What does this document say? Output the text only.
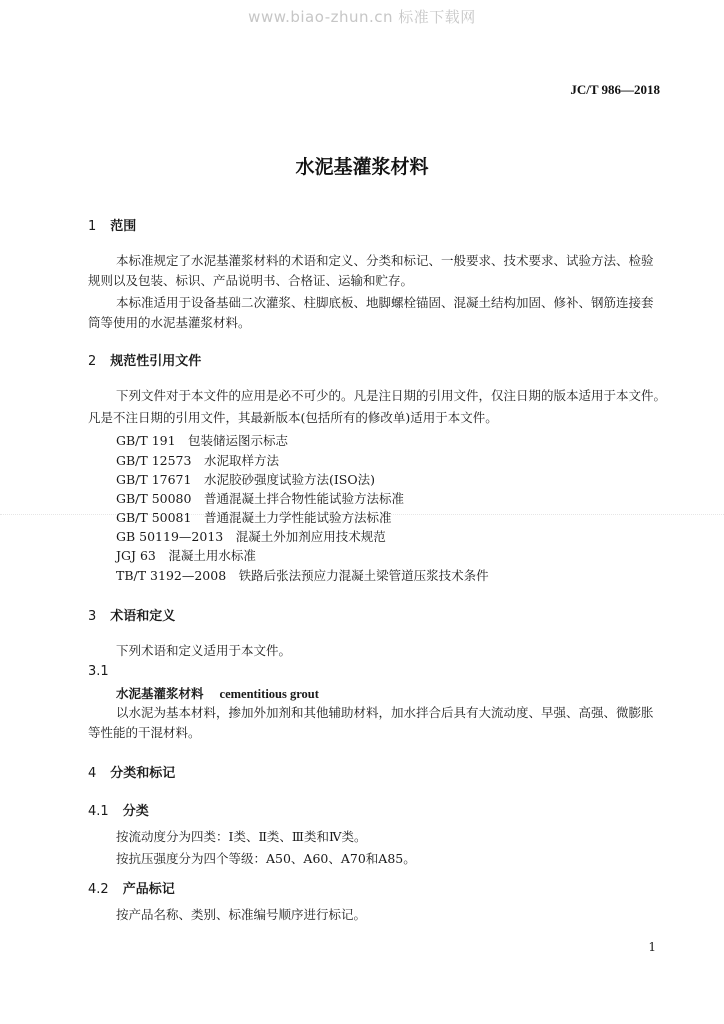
www.biao-zhun.cn 标准下载网
JC/T 986—2018
水泥基灌浆材料
1 范围
本标准规定了水泥基灌浆材料的术语和定义、分类和标记、一般要求、技术要求、试验方法、检验
规则以及包装、标识、产品说明书、合格证、运输和贮存。
本标准适用于设备基础二次灌浆、柱脚底板、地脚螺栓锚固、混凝土结构加固、修补、钢筋连接套
筒等使用的水泥基灌浆材料。
2 规范性引用文件
下列文件对于本文件的应用是必不可少的。凡是注日期的引用文件，仅注日期的版本适用于本文件。
凡是不注日期的引用文件，其最新版本(包括所有的修改单)适用于本文件。
GB/T 191　包装储运图示标志
GB/T 12573　水泥取样方法
GB/T 17671　水泥胶砂强度试验方法(ISO法)
GB/T 50080　普通混凝土拌合物性能试验方法标准
GB/T 50081　普通混凝土力学性能试验方法标准
GB 50119—2013　混凝土外加剂应用技术规范
JGJ 63　混凝土用水标准
TB/T 3192—2008　铁路后张法预应力混凝土梁管道压浆技术条件
3 术语和定义
下列术语和定义适用于本文件。
3.1
水泥基灌浆材料 cementitious grout
以水泥为基本材料，掺加外加剂和其他辅助材料，加水拌合后具有大流动度、早强、高强、微膨胀
等性能的干混材料。
4 分类和标记
4.1 分类
按流动度分为四类：Ⅰ类、Ⅱ类、Ⅲ类和Ⅳ类。
按抗压强度分为四个等级：A50、A60、A70和A85。
4.2 产品标记
按产品名称、类别、标准编号顺序进行标记。
1
